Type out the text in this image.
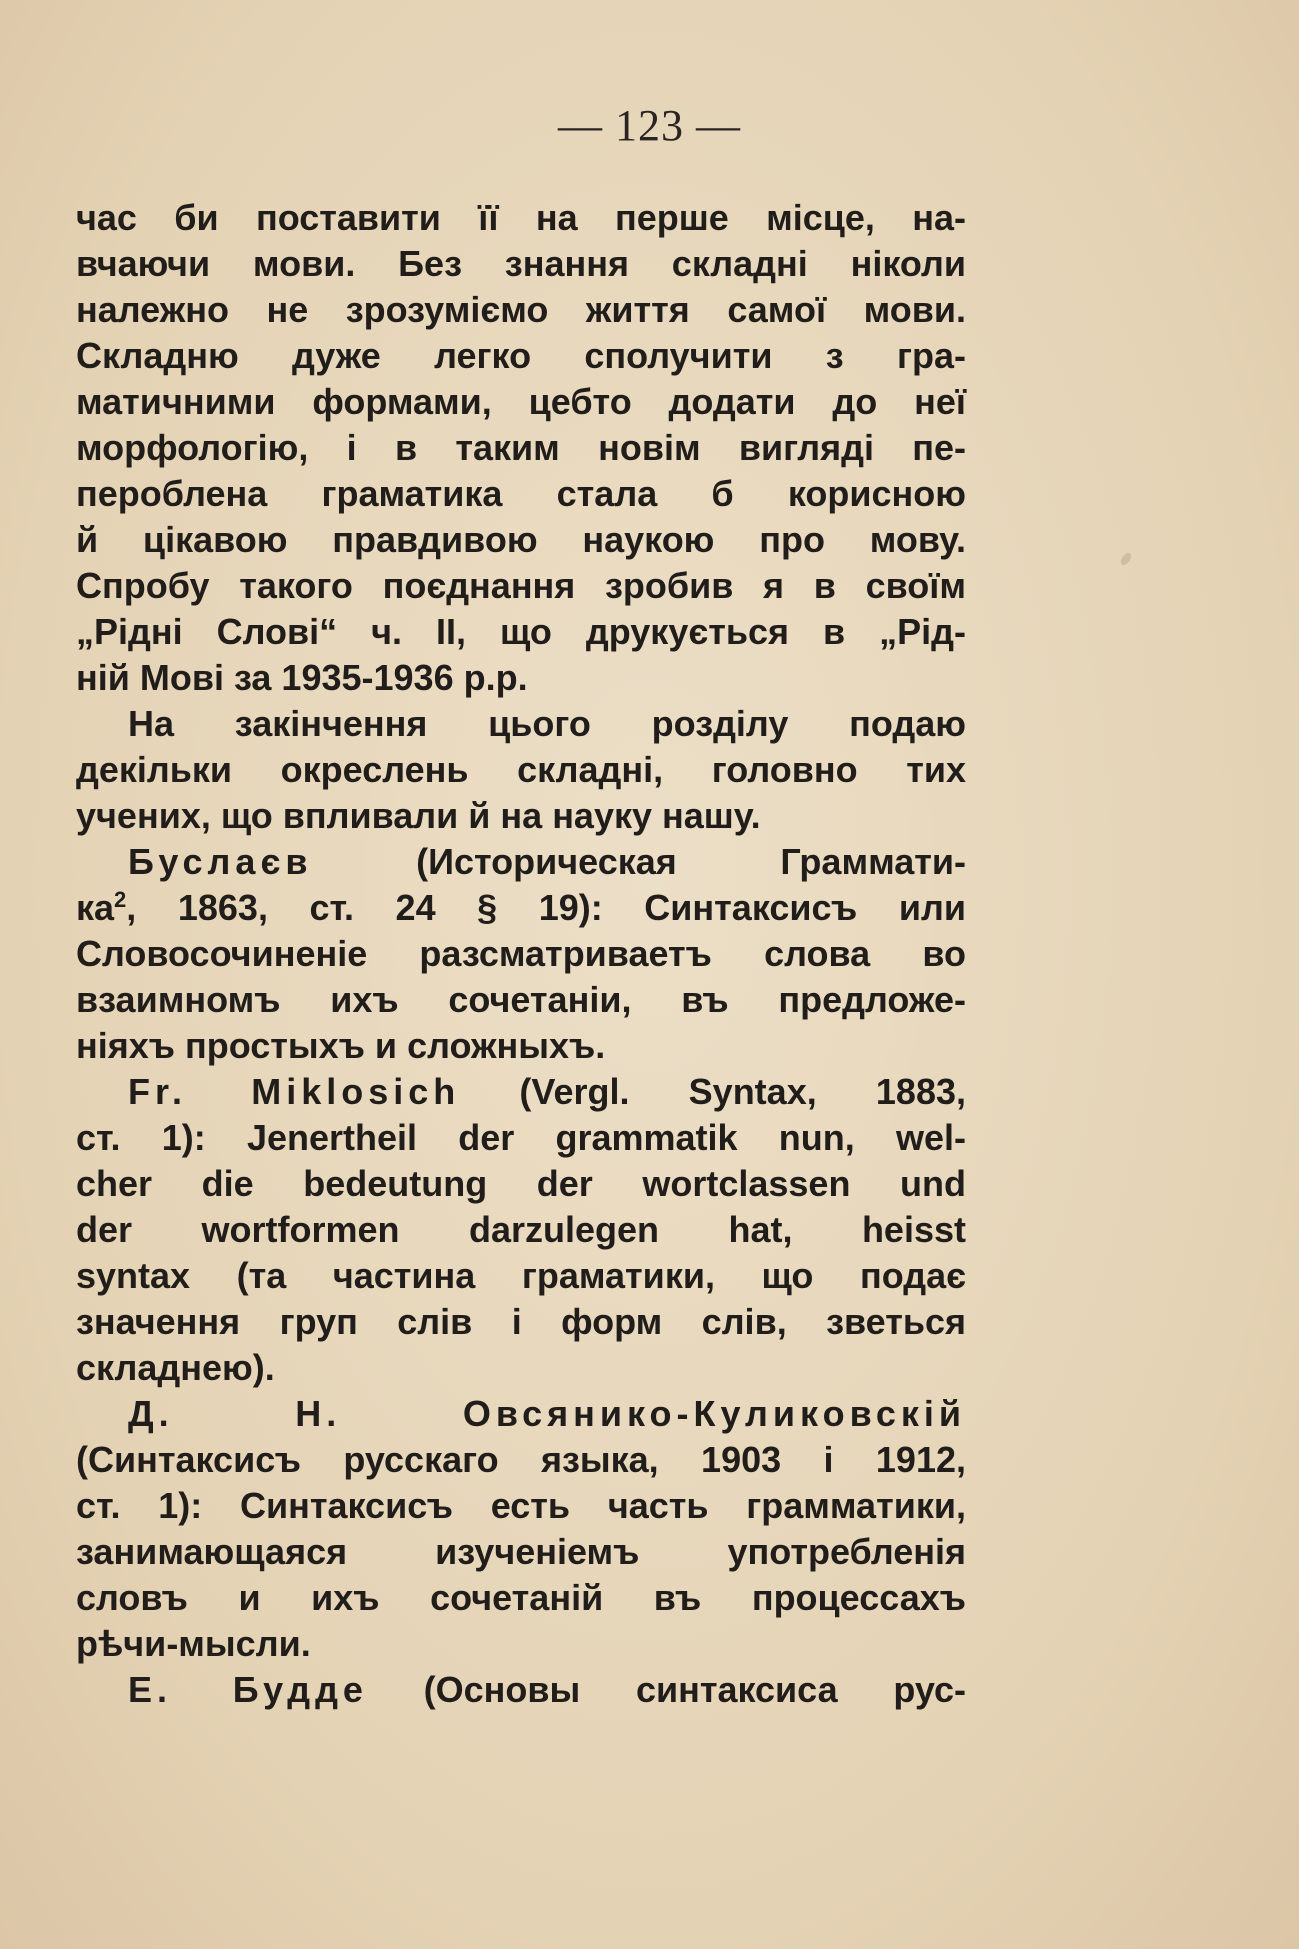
— 123 —
час би поставити її на перше місце, на-
вчаючи мови. Без знання складні ніколи
належно не зрозуміємо життя самої мови.
Складню дуже легко сполучити з гра-
матичними формами, цебто додати до неї
морфологію, і в таким новім вигляді пе-
пероблена граматика стала б корисною
й цікавою правдивою наукою про мову.
Спробу такого поєднання зробив я в своїм
„Рідні Слові“ ч. II, що друкується в „Рід-
ній Мові за 1935-1936 р.р.
На закінчення цього розділу подаю
декільки окреслень складні, головно тих
учених, що впливали й на науку нашу.
Буслаєв (Историческая Граммати-
$ка^2$, 1863, ст. 24 § 19): Синтаксисъ или
Словосочиненіе разсматриваетъ слова во
взаимномъ ихъ сочетаніи, въ предложе-
ніяхъ простыхъ и сложныхъ.
Fr. Miklosich (Vergl. Syntax, 1883,
ст. 1): Jenertheil der grammatik nun, wel-
cher die bedeutung der wortclassen und
der wortformen darzulegen hat, heisst
syntax (та частина граматики, що подає
значення груп слів і форм слів, зветься
складнею).
Д. Н. Овсянико-Куликовскій
(Синтаксисъ русскаго языка, 1903 і 1912,
ст. 1): Синтаксисъ есть часть грамматики,
занимающаяся изученіемъ употребленія
словъ и ихъ сочетаній въ процессахъ
рѣчи-мысли.
Е. Будде (Основы синтаксиса рус-
